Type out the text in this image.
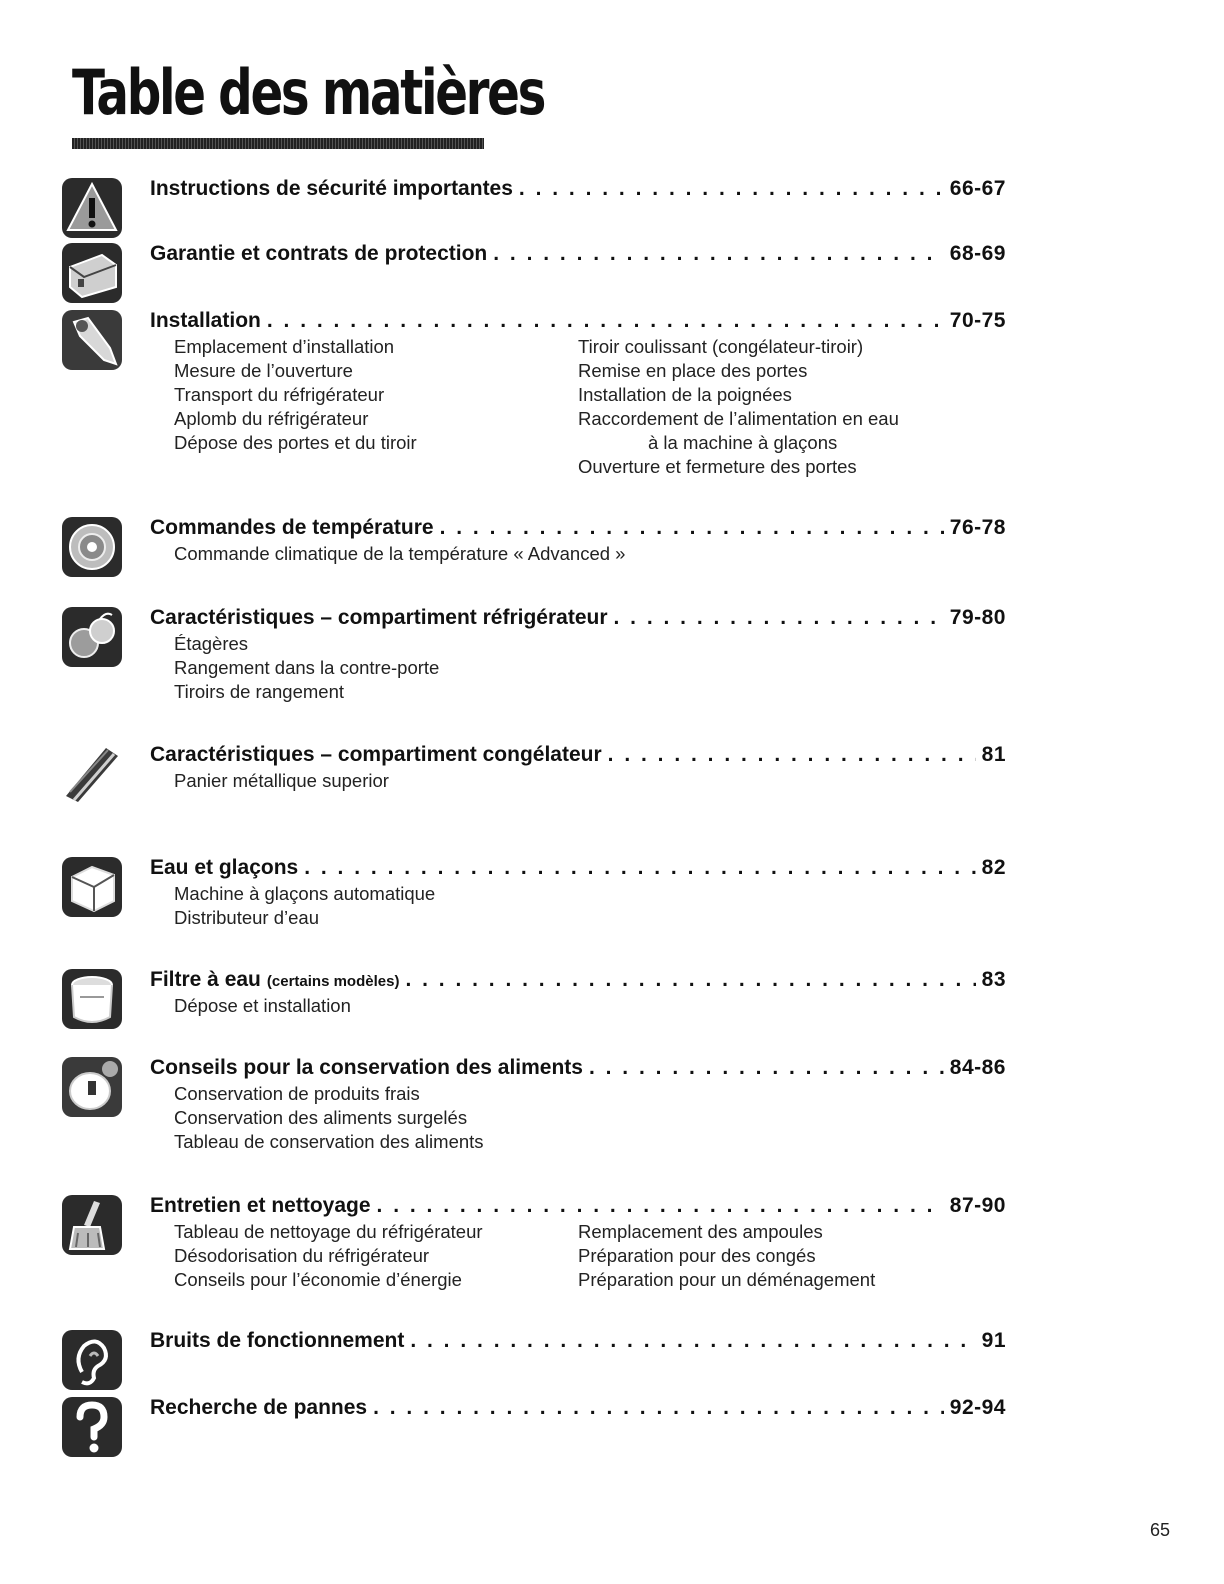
Table des matières
Instructions de sécurité importantes . . .	66-67
Garantie et contrats de protection . . .	68-69
Installation . . .	70-75
Emplacement d’installation
Mesure de l’ouverture
Transport du réfrigérateur
Aplomb du réfrigérateur
Dépose des portes et du tiroir
Tiroir coulissant (congélateur-tiroir)
Remise en place des portes
Installation de la poignées
Raccordement de l’alimentation en eau
à la machine à glaçons
Ouverture et fermeture des portes
Commandes de température . . .	76-78
Commande climatique de la température « Advanced »
Caractéristiques – compartiment réfrigérateur . . .	79-80
Étagères
Rangement dans la contre-porte
Tiroirs de rangement
Caractéristiques – compartiment congélateur . . .	81
Panier métallique superior
Eau et glaçons . . .	82
Machine à glaçons automatique
Distributeur d’eau
Filtre à eau (certains modèles) . . .	83
Dépose et installation
Conseils pour la conservation des aliments . . .	84-86
Conservation de produits frais
Conservation des aliments surgelés
Tableau de conservation des aliments
Entretien et nettoyage . . .	87-90
Tableau de nettoyage du réfrigérateur
Désodorisation du réfrigérateur
Conseils pour l’économie d’énergie
Remplacement des ampoules
Préparation pour des congés
Préparation pour un déménagement
Bruits de fonctionnement . . .	91
Recherche de pannes . . .	92-94
65
